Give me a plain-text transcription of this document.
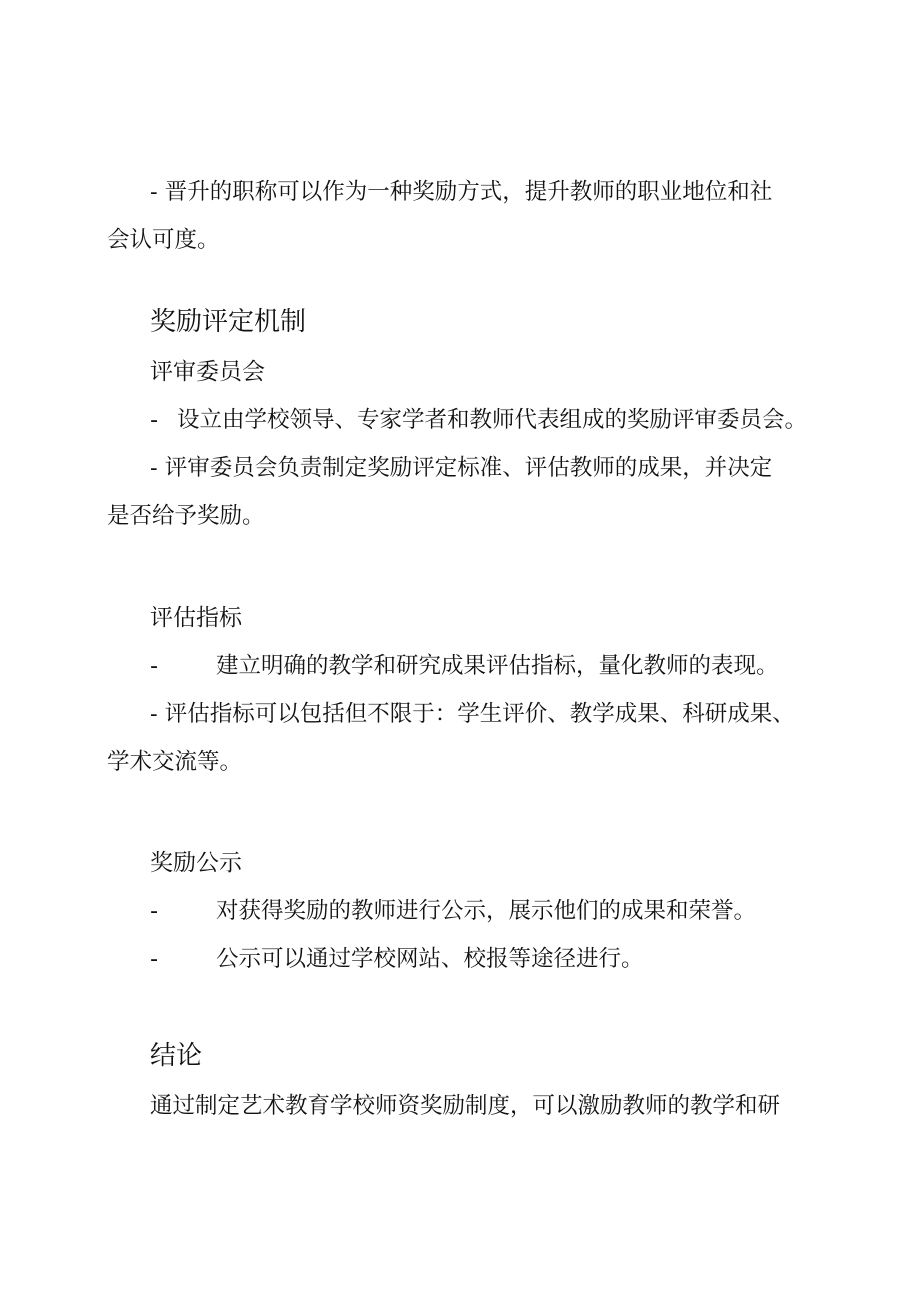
- 晋升的职称可以作为一种奖励方式，提升教师的职业地位和社
会认可度。
奖励评定机制
评审委员会
- 设立由学校领导、专家学者和教师代表组成的奖励评审委员会。
- 评审委员会负责制定奖励评定标准、评估教师的成果，并决定
是否给予奖励。
评估指标
-	建立明确的教学和研究成果评估指标，量化教师的表现。
- 评估指标可以包括但不限于：学生评价、教学成果、科研成果、
学术交流等。
奖励公示
-	对获得奖励的教师进行公示，展示他们的成果和荣誉。
-	公示可以通过学校网站、校报等途径进行。
结论
通过制定艺术教育学校师资奖励制度，可以激励教师的教学和研
